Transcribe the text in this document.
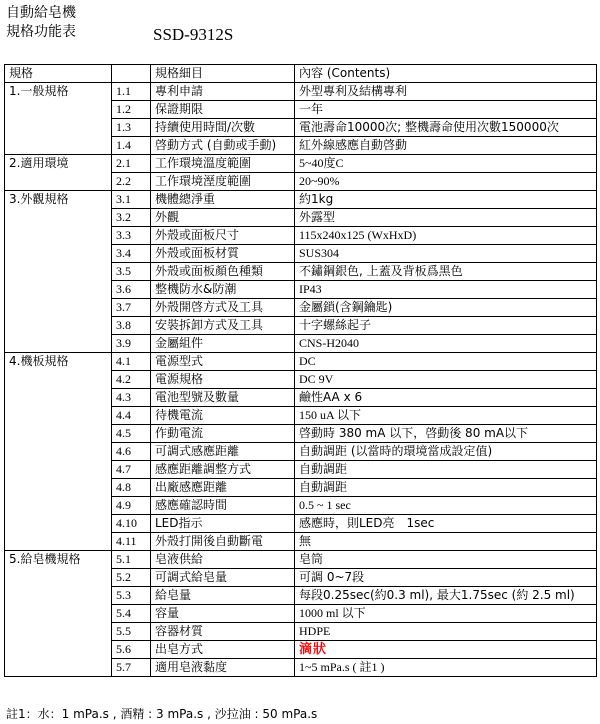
自動給皂機
規格功能表	SSD-9312S
規格		規格細目	內容 (Contents)
1.一般規格	1.1	專利申請	外型專利及結構專利
	1.2	保證期限	一年
	1.3	持續使用時間/次數	電池壽命10000次; 整機壽命使用次數150000次
	1.4	啓動方式 (自動或手動)	紅外線感應自動啓動
2.適用環境	2.1	工作環境溫度範圍	5~40度C
	2.2	工作環境溼度範圍	20~90%
3.外觀規格	3.1	機體總淨重	約1kg
	3.2	外觀	外露型
	3.3	外殼或面板尺寸	115x240x125 (WxHxD)
	3.4	外殼或面板材質	SUS304
	3.5	外殼或面板顏色種類	不鏽鋼銀色, 上蓋及背板爲黑色
	3.6	整機防水&防潮	IP43
	3.7	外殼開啓方式及工具	金屬鎖(含鋼鑰匙)
	3.8	安裝拆卸方式及工具	十字螺絲起子
	3.9	金屬組件	CNS-H2040
4.機板規格	4.1	電源型式	DC
	4.2	電源規格	DC 9V
	4.3	電池型號及數量	鹼性AA x 6
	4.4	待機電流	150 uA 以下
	4.5	作動電流	啓動時 380 mA 以下，啓動後 80 mA以下
	4.6	可調式感應距離	自動調距 (以當時的環境當成設定值)
	4.7	感應距離調整方式	自動調距
	4.8	出廠感應距離	自動調距
	4.9	感應確認時間	0.5 ~ 1 sec
	4.10	LED指示	感應時，則LED亮　1sec
	4.11	外殼打開後自動斷電	無
5.給皂機規格	5.1	皂液供給	皂筒
	5.2	可調式給皂量	可調 0~7段
	5.3	給皂量	每段0.25sec(約0.3 ml), 最大1.75sec (約 2.5 ml)
	5.4	容量	1000 ml 以下
	5.5	容器材質	HDPE
	5.6	出皂方式	滴狀
	5.7	適用皂液黏度	1~5 mPa.s ( 註1 )
註1：水：1 mPa.s , 酒精 : 3 mPa.s , 沙拉油 : 50 mPa.s
